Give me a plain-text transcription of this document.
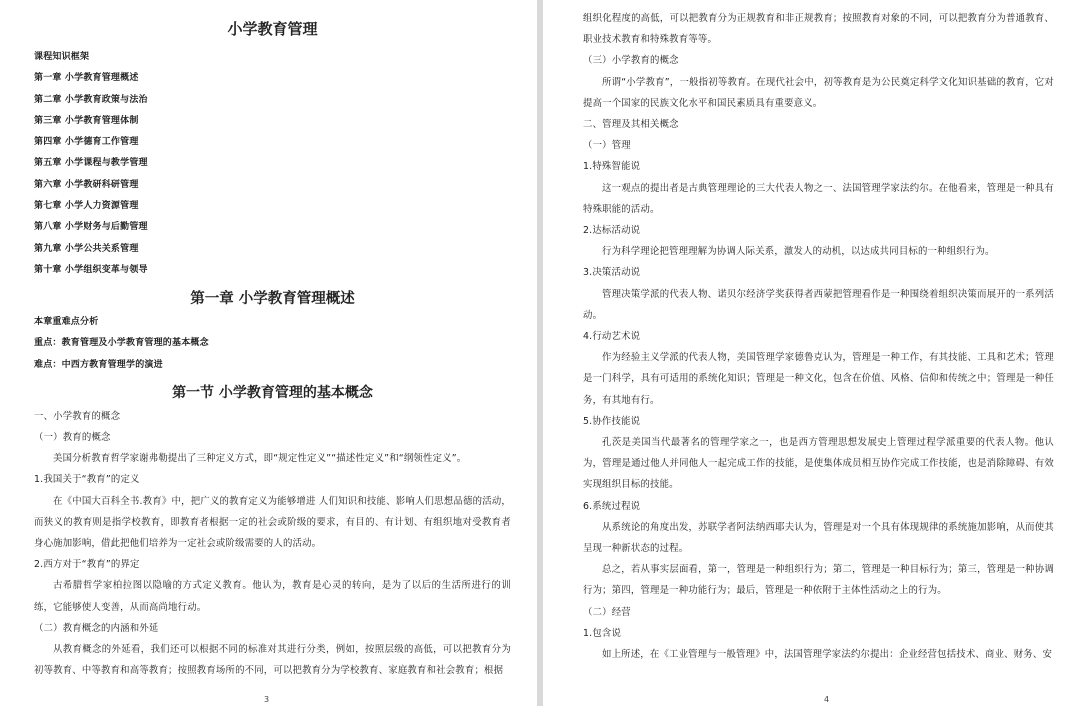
小学教育管理
课程知识框架
第一章 小学教育管理概述
第二章 小学教育政策与法治
第三章 小学教育管理体制
第四章 小学德育工作管理
第五章 小学课程与教学管理
第六章 小学教研科研管理
第七章 小学人力资源管理
第八章 小学财务与后勤管理
第九章 小学公共关系管理
第十章 小学组织变革与领导
第一章 小学教育管理概述
本章重难点分析
重点：教育管理及小学教育管理的基本概念
难点：中西方教育管理学的演进
第一节 小学教育管理的基本概念
一、小学教育的概念
（一）教育的概念
美国分析教育哲学家谢弗勒提出了三种定义方式，即“规定性定义”“描述性定义”和“纲领性定义”。
1.我国关于“教育”的定义
在《中国大百科全书.教育》中，把广义的教育定义为能够增进 人们知识和技能、影响人们思想品德的活动，而狭义的教育则是指学校教育，即教育者根据一定的社会或阶级的要求，有目的、有计划、有组织地对受教育者身心施加影响，借此把他们培养为一定社会或阶级需要的人的活动。
2.西方对于“教育”的界定
古希腊哲学家柏拉图以隐喻的方式定义教育。他认为，教育是心灵的转向，是为了以后的生活所进行的训练，它能够使人变善，从而高尚地行动。
（二）教育概念的内涵和外延
从教育概念的外延看，我们还可以根据不同的标准对其进行分类，例如，按照层级的高低，可以把教育分为初等教育、中等教育和高等教育；按照教育场所的不同，可以把教育分为学校教育、家庭教育和社会教育；根据
3
组织化程度的高低，可以把教育分为正规教育和非正规教育；按照教育对象的不同，可以把教育分为普通教育、职业技术教育和特殊教育等等。
（三）小学教育的概念
所谓“小学教育”，一般指初等教育。在现代社会中，初等教育是为公民奠定科学文化知识基础的教育，它对提高一个国家的民族文化水平和国民素质具有重要意义。
二、管理及其相关概念
（一）管理
1.特殊智能说
这一观点的提出者是古典管理理论的三大代表人物之一、法国管理学家法约尔。在他看来，管理是一种具有特殊职能的活动。
2.达标活动说
行为科学理论把管理理解为协调人际关系，激发人的动机，以达成共同目标的一种组织行为。
3.决策活动说
管理决策学派的代表人物、诺贝尔经济学奖获得者西蒙把管理看作是一种围绕着组织决策而展开的一系列活动。
4.行动艺术说
作为经验主义学派的代表人物，美国管理学家德鲁克认为，管理是一种工作，有其技能、工具和艺术；管理是一门科学，具有可适用的系统化知识；管理是一种文化，包含在价值、风格、信仰和传统之中；管理是一种任务，有其地有行。
5.协作技能说
孔茨是美国当代最著名的管理学家之一，也是西方管理思想发展史上管理过程学派重要的代表人物。他认为，管理是通过他人并同他人一起完成工作的技能，是使集体成员相互协作完成工作技能，也是消除障碍、有效实现组织目标的技能。
6.系统过程说
从系统论的角度出发，苏联学者阿法纳西耶夫认为，管理是对一个具有体现规律的系统施加影响，从而使其呈现一种新状态的过程。
总之，若从事实层面看，第一，管理是一种组织行为；第二，管理是一种目标行为；第三，管理是一种协调行为；第四，管理是一种功能行为；最后，管理是一种依附于主体性活动之上的行为。
（二）经营
1.包含说
如上所述，在《工业管理与一般管理》中，法国管理学家法约尔提出：企业经营包括技术、商业、财务、安
4
